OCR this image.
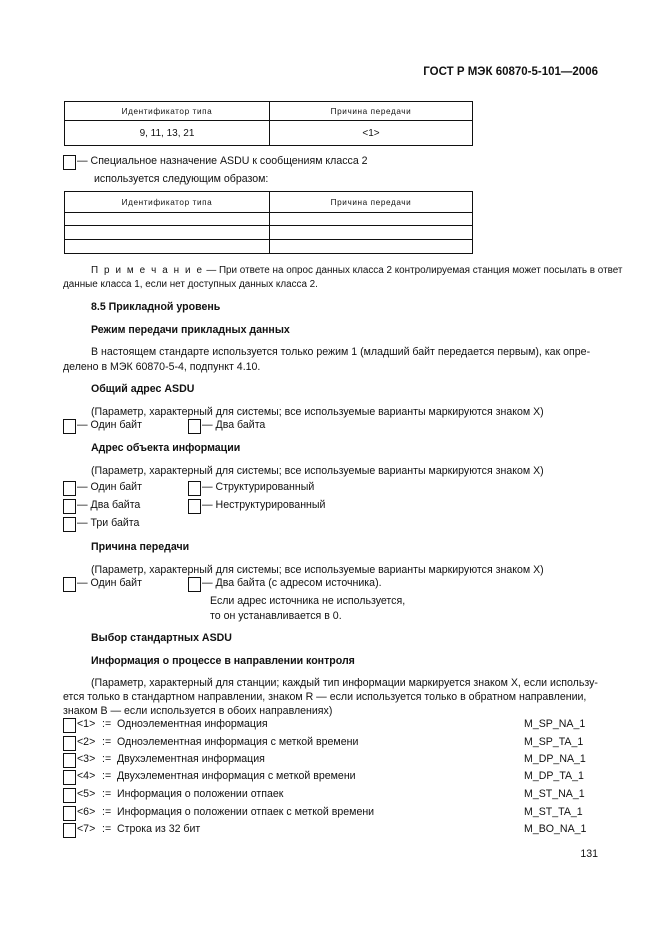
ГОСТ Р МЭК 60870-5-101—2006
Идентификатор типа	Причина передачи
9, 11, 13, 21	<1>
— Специальное назначение ASDU к сообщениям класса 2
используется следующим образом:
Идентификатор типа	Причина передачи

П р и м е ч а н и е — При ответе на опрос данных класса 2 контролируемая станция может посылать в ответ
данные класса 1, если нет доступных данных класса 2.
8.5 Прикладной уровень
Режим передачи прикладных данных
В настоящем стандарте используется только режим 1 (младший байт передается первым), как опре-
делено в МЭК 60870-5-4, подпункт 4.10.
Общий адрес ASDU
(Параметр, характерный для системы; все используемые варианты маркируются знаком X)
— Один байт	— Два байта
Адрес объекта информации
(Параметр, характерный для системы; все используемые варианты маркируются знаком X)
— Один байт	— Структурированный
— Два байта	— Неструктурированный
— Три байта
Причина передачи
(Параметр, характерный для системы; все используемые варианты маркируются знаком X)
— Один байт	— Два байта (с адресом источника).
Если адрес источника не используется,
то он устанавливается в 0.
Выбор стандартных ASDU
Информация о процессе в направлении контроля
(Параметр, характерный для станции; каждый тип информации маркируется знаком X, если использу-
ется только в стандартном направлении, знаком R — если используется только в обратном направлении,
знаком B — если используется в обоих направлениях)
<1> := Одноэлементная информация	M_SP_NA_1
<2> := Одноэлементная информация с меткой времени	M_SP_TA_1
<3> := Двухэлементная информация	M_DP_NA_1
<4> := Двухэлементная информация с меткой времени	M_DP_TA_1
<5> := Информация о положении отпаек	M_ST_NA_1
<6> := Информация о положении отпаек с меткой времени	M_ST_TA_1
<7> := Строка из 32 бит	M_BO_NA_1
131
